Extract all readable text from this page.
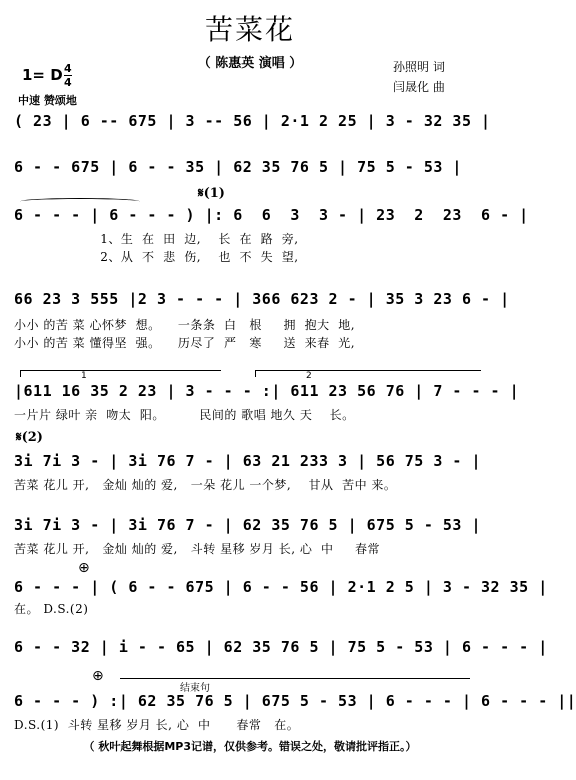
苦菜花
（ 陈惠英 演唱 ）	孙照明 词
闫晟化 曲
1= D 4
4
中速 赞颂地
( 23 | 6 -- 675 | 3 -- 56 | 2·1 2 25 | 3 - 32 35 |
6 - - 675 | 6 - - 35 | 62 35 76 5 | 75 5 - 53 |
𝄋(1)
6 - - - | 6 - - - ) |: 6  6  3  3 - | 23  2  23  6 - |
1、生  在  田  边,    长  在  路  旁,
2、从  不  悲  伤,    也  不  失  望,
66 23 3 555 |2 3 - - - | 366 623 2 - | 35 3 23 6 - |
小小 的苦 菜 心怀梦  想。    一条条  白   根     拥  抱大  地,
小小 的苦 菜 懂得坚  强。    历尽了  严   寒     送  来春  光,
1	2
|611 16 35 2 23 | 3 - - - :| 611 23 56 76 | 7 - - - |
一片片 绿叶 亲  吻太  阳。        民间的 歌唱 地久 天    长。
𝄋(2)
3i 7i 3 - | 3i 76 7 - | 63 21 233 3 | 56 75 3 - |
苦菜 花儿 开,   金灿 灿的 爱,   一朵 花儿 一个梦,    甘从  苦中 来。
3i 7i 3 - | 3i 76 7 - | 62 35 76 5 | 675 5 - 53 |
苦菜 花儿 开,   金灿 灿的 爱,   斗转 星移 岁月 长, 心  中     春常
⊕
6 - - - | ( 6 - - 675 | 6 - - 56 | 2·1 2 5 | 3 - 32 35 |
在。 D.S.(2)
6 - - 32 | i - - 65 | 62 35 76 5 | 75 5 - 53 | 6 - - - |
⊕
结束句
6 - - - ) :| 62 35 76 5 | 675 5 - 53 | 6 - - - | 6 - - - ||
D.S.(1)  斗转 星移 岁月 长, 心  中      春常   在。
（ 秋叶起舞根据MP3记谱，仅供参考。错误之处，敬请批评指正。）
